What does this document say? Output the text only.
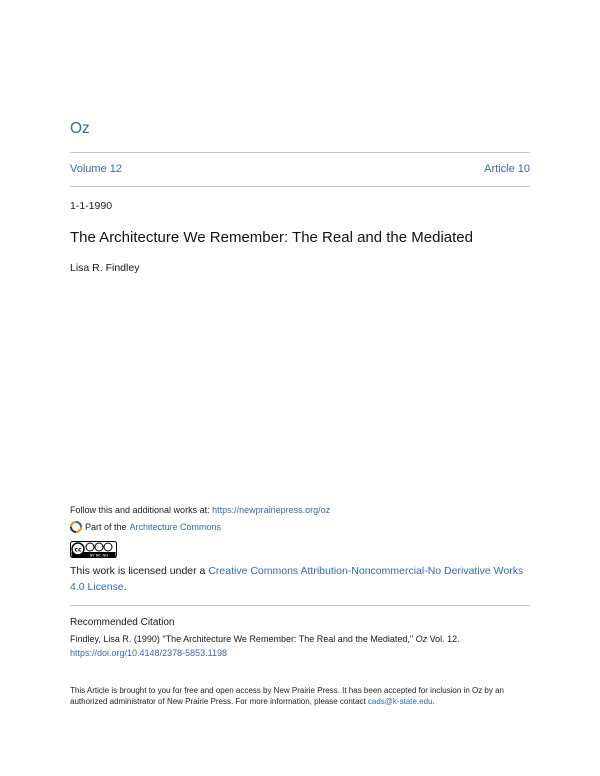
Oz
Volume 12	Article 10
1-1-1990
The Architecture We Remember: The Real and the Mediated
Lisa R. Findley
Follow this and additional works at: https://newprairiepress.org/oz
Part of the Architecture Commons
cc
BY NC ND
This work is licensed under a Creative Commons Attribution-Noncommercial-No Derivative Works 4.0 License.
Recommended Citation
Findley, Lisa R. (1990) "The Architecture We Remember: The Real and the Mediated," Oz Vol. 12.
https://doi.org/10.4148/2378-5853.1198
This Article is brought to you for free and open access by New Prairie Press. It has been accepted for inclusion in Oz by an authorized administrator of New Prairie Press. For more information, please contact cads@k-state.edu.
